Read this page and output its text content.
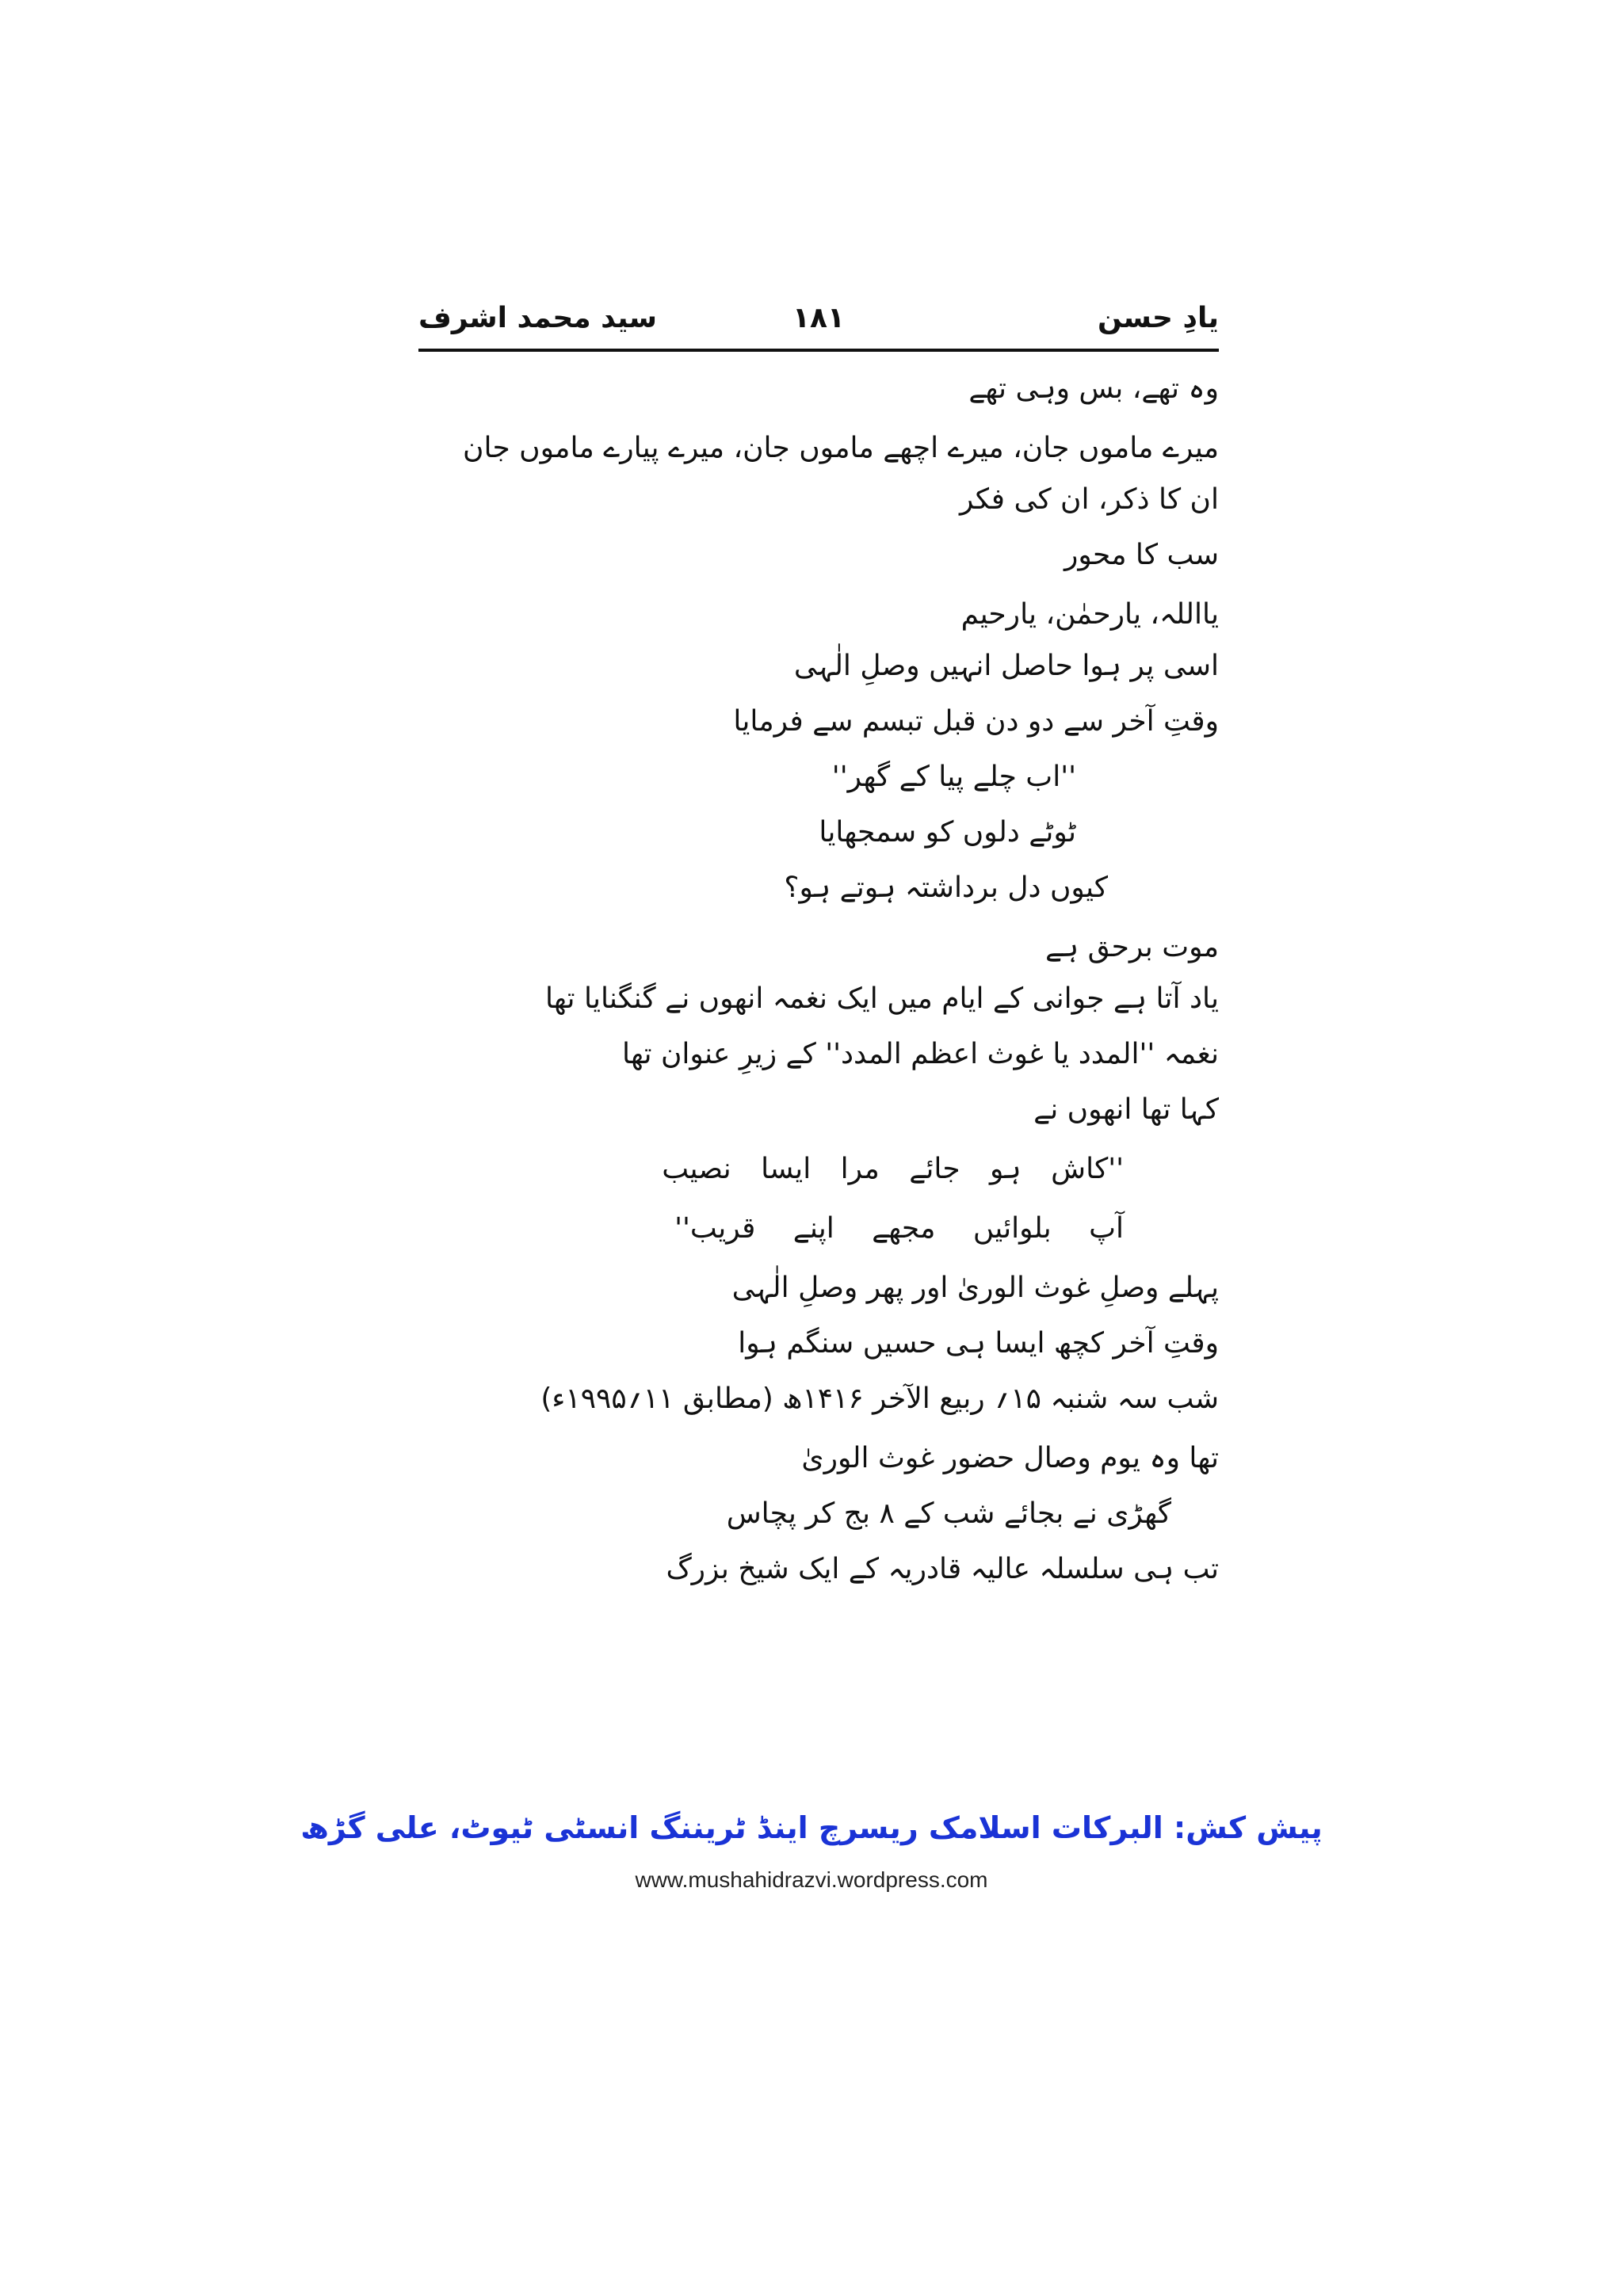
یادِ حسن
۱۸۱
سید محمد اشرف
وہ تھے، بس وہی تھے
میرے ماموں جان، میرے اچھے ماموں جان، میرے پیارے ماموں جان
ان کا ذکر، ان کی فکر
سب کا محور
یااللہ، یارحمٰن، یارحیم
اسی پر ہوا حاصل انہیں وصلِ الٰہی
وقتِ آخر سے دو دن قبل تبسم سے فرمایا
''اب چلے پیا کے گھر''
ٹوٹے دلوں کو سمجھایا
کیوں دل برداشتہ ہوتے ہو؟
موت برحق ہے
یاد آتا ہے جوانی کے ایام میں ایک نغمہ انھوں نے گنگنایا تھا
نغمہ ''المدد یا غوث اعظم المدد'' کے زیرِ عنوان تھا
کہا تھا انھوں نے
''کاش ہو جائے مرا ایسا نصیب
آپ بلوائیں مجھے اپنے قریب''
پہلے وصلِ غوث الوریٰ اور پھر وصلِ الٰہی
وقتِ آخر کچھ ایسا ہی حسیں سنگم ہوا
شب سہ شنبہ ۱۵؍ ربیع الآخر ۱۴۱۶ھ (مطابق ۱۱؍۱۹۹۵ء)
تھا وہ یوم وصال حضور غوث الوریٰ
گھڑی نے بجائے شب کے ۸ بج کر پچاس
تب ہی سلسلہ عالیہ قادریہ کے ایک شیخ بزرگ
پیش کش: البرکات اسلامک ریسرچ اینڈ ٹریننگ انسٹی ٹیوٹ، علی گڑھ
www.mushahidrazvi.wordpress.com
